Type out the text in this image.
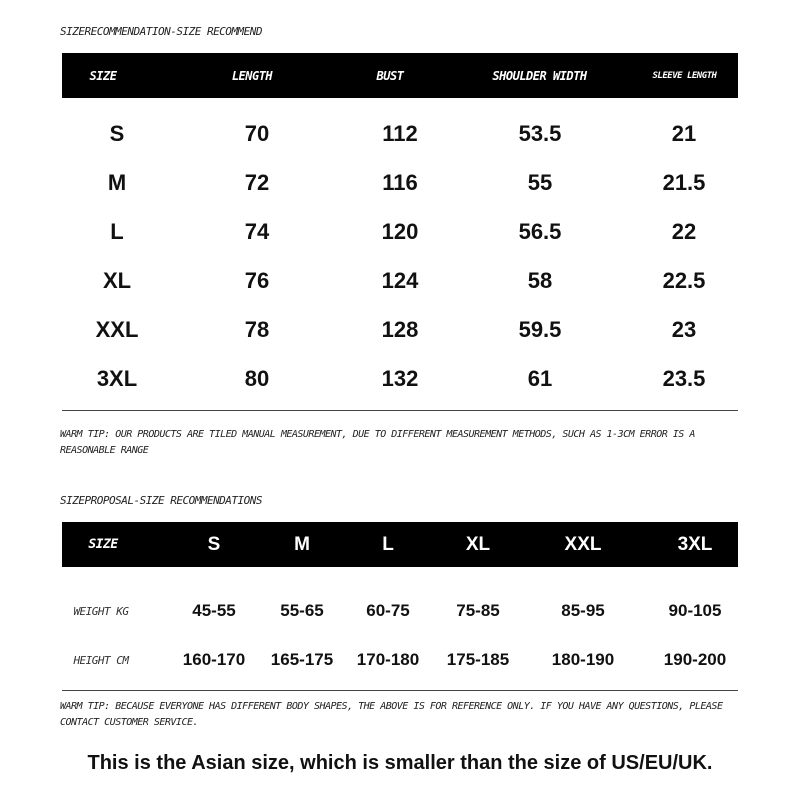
SIZERECOMMENDATION-SIZE RECOMMEND
SIZE	LENGTH	BUST	SHOULDER WIDTH	SLEEVE LENGTH
S	70	112	53.5	21
M	72	116	55	21.5
L	74	120	56.5	22
XL	76	124	58	22.5
XXL	78	128	59.5	23
3XL	80	132	61	23.5
WARM TIP: OUR PRODUCTS ARE TILED MANUAL MEASUREMENT, DUE TO DIFFERENT MEASUREMENT METHODS, SUCH AS 1-3CM ERROR IS A REASONABLE RANGE
SIZEPROPOSAL-SIZE RECOMMENDATIONS
SIZE	S	M	L	XL	XXL	3XL
WEIGHT KG	45-55	55-65	60-75	75-85	85-95	90-105
HEIGHT CM	160-170	165-175	170-180	175-185	180-190	190-200
WARM TIP: BECAUSE EVERYONE HAS DIFFERENT BODY SHAPES, THE ABOVE IS FOR REFERENCE ONLY. IF YOU HAVE ANY QUESTIONS, PLEASE CONTACT CUSTOMER SERVICE.
This is the Asian size, which is smaller than the size of US/EU/UK.
